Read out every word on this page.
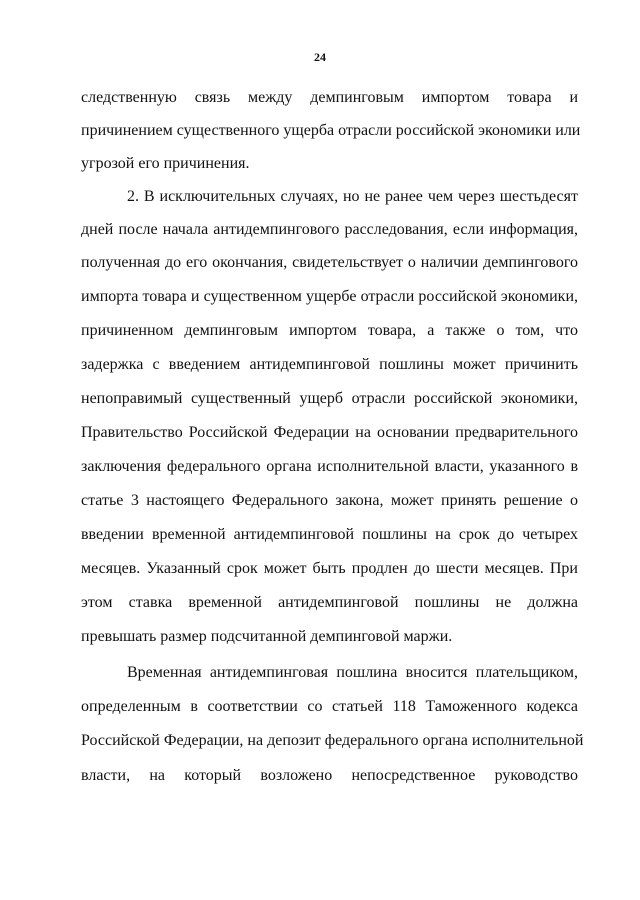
24
следственную связь между демпинговым импортом товара и
причинением существенного ущерба отрасли российской экономики или
угрозой его причинения.
2. В исключительных случаях, но не ранее чем через шестьдесят
дней после начала антидемпингового расследования, если информация,
полученная до его окончания, свидетельствует о наличии демпингового
импорта товара и существенном ущербе отрасли российской экономики,
причиненном демпинговым импортом товара, а также о том, что
задержка с введением антидемпинговой пошлины может причинить
непоправимый существенный ущерб отрасли российской экономики,
Правительство Российской Федерации на основании предварительного
заключения федерального органа исполнительной власти, указанного в
статье 3 настоящего Федерального закона, может принять решение о
введении временной антидемпинговой пошлины на срок до четырех
месяцев. Указанный срок может быть продлен до шести месяцев. При
этом ставка временной антидемпинговой пошлины не должна
превышать размер подсчитанной демпинговой маржи.
Временная антидемпинговая пошлина вносится плательщиком,
определенным в соответствии со статьей 118 Таможенного кодекса
Российской Федерации, на депозит федерального органа исполнительной
власти, на который возложено непосредственное руководство
